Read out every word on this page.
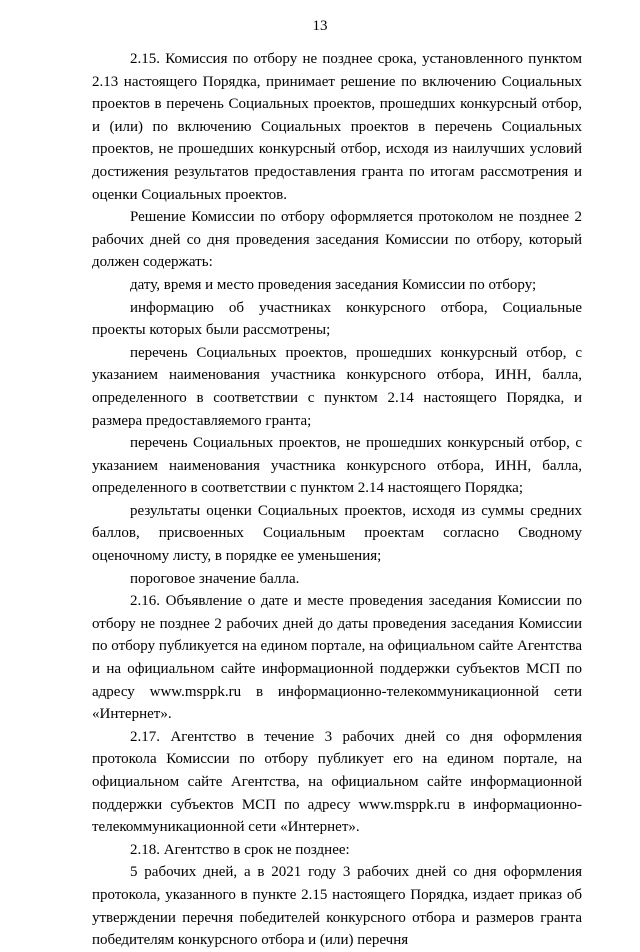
13

2.15. Комиссия по отбору не позднее срока, установленного пунктом 2.13 настоящего Порядка, принимает решение по включению Социальных проектов в перечень Социальных проектов, прошедших конкурсный отбор, и (или) по включению Социальных проектов в перечень Социальных проектов, не прошедших конкурсный отбор, исходя из наилучших условий достижения результатов предоставления гранта по итогам рассмотрения и оценки Социальных проектов.

Решение Комиссии по отбору оформляется протоколом не позднее 2 рабочих дней со дня проведения заседания Комиссии по отбору, который должен содержать:

дату, время и место проведения заседания Комиссии по отбору;

информацию об участниках конкурсного отбора, Социальные проекты которых были рассмотрены;

перечень Социальных проектов, прошедших конкурсный отбор, с указанием наименования участника конкурсного отбора, ИНН, балла, определенного в соответствии с пунктом 2.14 настоящего Порядка, и размера предоставляемого гранта;

перечень Социальных проектов, не прошедших конкурсный отбор, с указанием наименования участника конкурсного отбора, ИНН, балла, определенного в соответствии с пунктом 2.14 настоящего Порядка;

результаты оценки Социальных проектов, исходя из суммы средних баллов, присвоенных Социальным проектам согласно Сводному оценочному листу, в порядке ее уменьшения;

пороговое значение балла.

2.16. Объявление о дате и месте проведения заседания Комиссии по отбору не позднее 2 рабочих дней до даты проведения заседания Комиссии по отбору публикуется на едином портале, на официальном сайте Агентства и на официальном сайте информационной поддержки субъектов МСП по адресу www.msppk.ru в информационно-телекоммуникационной сети «Интернет».

2.17. Агентство в течение 3 рабочих дней со дня оформления протокола Комиссии по отбору публикует его на едином портале, на официальном сайте Агентства, на официальном сайте информационной поддержки субъектов МСП по адресу www.msppk.ru в информационно-телекоммуникационной сети «Интернет».

2.18. Агентство в срок не позднее:

5 рабочих дней, а в 2021 году 3 рабочих дней со дня оформления протокола, указанного в пункте 2.15 настоящего Порядка, издает приказ об утверждении перечня победителей конкурсного отбора и размеров гранта победителям конкурсного отбора и (или) перечня
